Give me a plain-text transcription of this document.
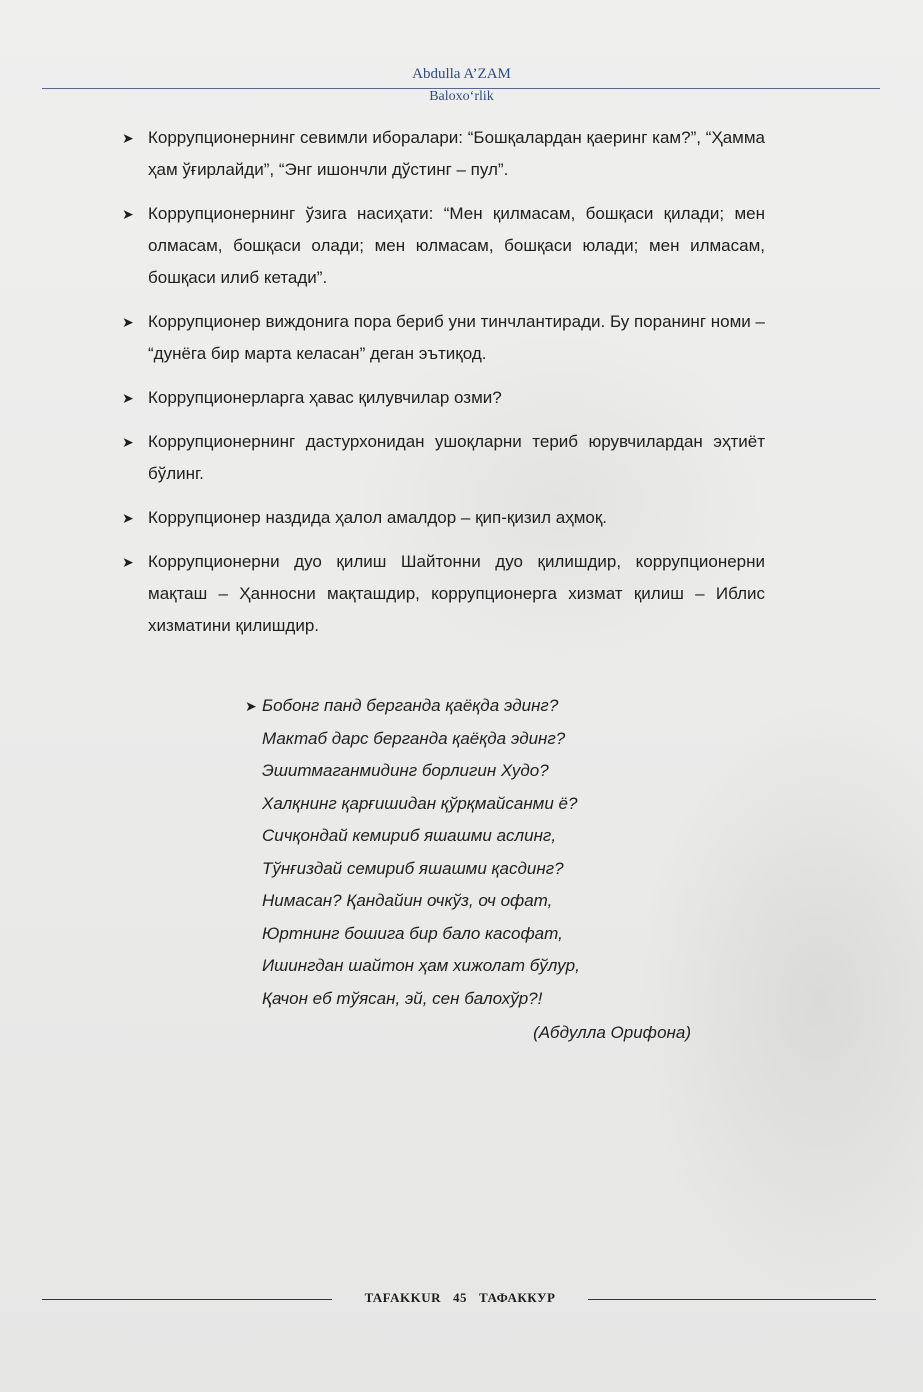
Abdulla A’ZAM
Baloxo‘rlik
➤ Коррупционернинг севимли иборалари: “Бошқалардан қаеринг кам?”, “Ҳамма ҳам ўғирлайди”, “Энг ишончли дўстинг – пул”.
➤ Коррупционернинг ўзига насиҳати: “Мен қилмасам, бошқаси қилади; мен олмасам, бошқаси олади; мен юлмасам, бошқаси юлади; мен илмасам, бошқаси илиб кетади”.
➤ Коррупционер виждонига пора бериб уни тинчлантиради. Бу поранинг номи – “дунёга бир марта келасан” деган эътиқод.
➤ Коррупционерларга ҳавас қилувчилар озми?
➤ Коррупционернинг дастурхонидан ушоқларни териб юрувчилардан эҳтиёт бўлинг.
➤ Коррупционер наздида ҳалол амалдор – қип-қизил аҳмоқ.
➤ Коррупционерни дуо қилиш Шайтонни дуо қилишдир, коррупционерни мақташ – Ҳанносни мақташдир, коррупционерга хизмат қилиш – Иблис хизматини қилишдир.
➤ Бобонг панд берганда қаёқда эдинг?
Мактаб дарс берганда қаёқда эдинг?
Эшитмаганмидинг борлигин Худо?
Халқнинг қарғишидан қўрқмайсанми ё?
Сичқондай кемириб яшашми аслинг,
Тўнғиздай семириб яшашми қасдинг?
Нимасан? Қандайин очкўз, оч офат,
Юртнинг бошига бир бало касофат,
Ишингдан шайтон ҳам хижолат бўлур,
Қачон еб тўясан, эй, сен балохўр?!
(Абдулла Орифона)
TAFAKKUR 45 ТАФАККУР
